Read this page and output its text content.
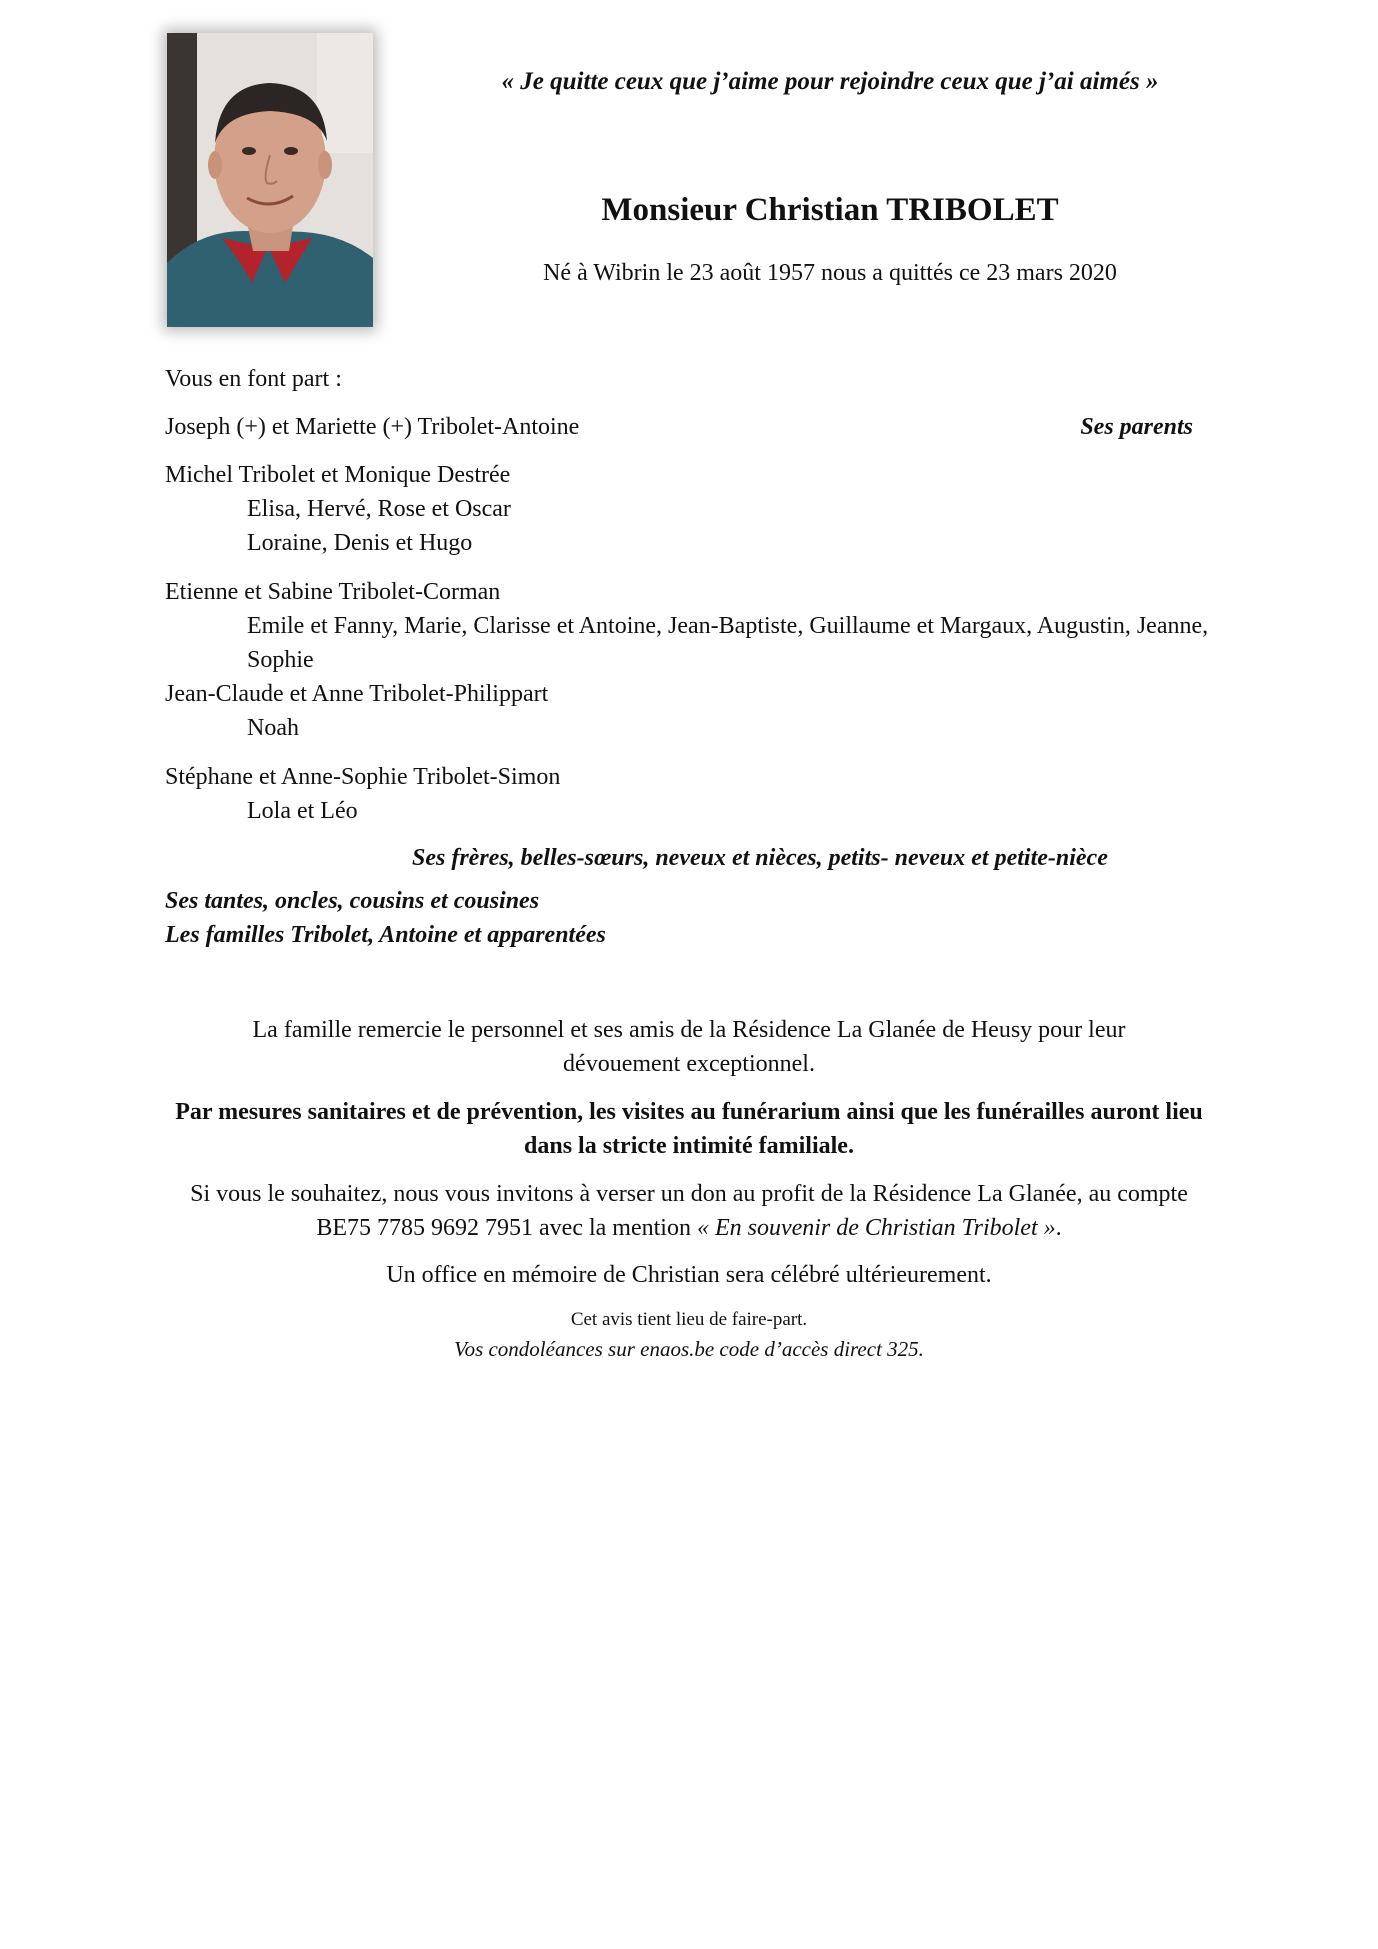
« Je quitte ceux que j’aime pour rejoindre ceux que j’ai aimés »
Monsieur Christian TRIBOLET
Né à Wibrin le 23 août 1957 nous a quittés ce 23 mars 2020
Vous en font part :
Joseph (+) et Mariette (+) Tribolet-Antoine	Ses parents
Michel Tribolet et Monique Destrée
Elisa, Hervé, Rose et Oscar
Loraine, Denis et Hugo
Etienne et Sabine Tribolet-Corman
Emile et Fanny, Marie, Clarisse et Antoine, Jean-Baptiste, Guillaume et Margaux, Augustin, Jeanne, Sophie
Jean-Claude et Anne Tribolet-Philippart
Noah
Stéphane et Anne-Sophie Tribolet-Simon
Lola et Léo
Ses frères, belles-sœurs, neveux et nièces, petits- neveux et petite-nièce
Ses tantes, oncles, cousins et cousines
Les familles Tribolet, Antoine et apparentées
La famille remercie le personnel et ses amis de la Résidence La Glanée de Heusy pour leur dévouement exceptionnel.
Par mesures sanitaires et de prévention, les visites au funérarium ainsi que les funérailles auront lieu dans la stricte intimité familiale.
Si vous le souhaitez, nous vous invitons à verser un don au profit de la Résidence La Glanée, au compte BE75 7785 9692 7951 avec la mention « En souvenir de Christian Tribolet ».
Un office en mémoire de Christian sera célébré ultérieurement.
Cet avis tient lieu de faire-part.
Vos condoléances sur enaos.be code d’accès direct 325.
